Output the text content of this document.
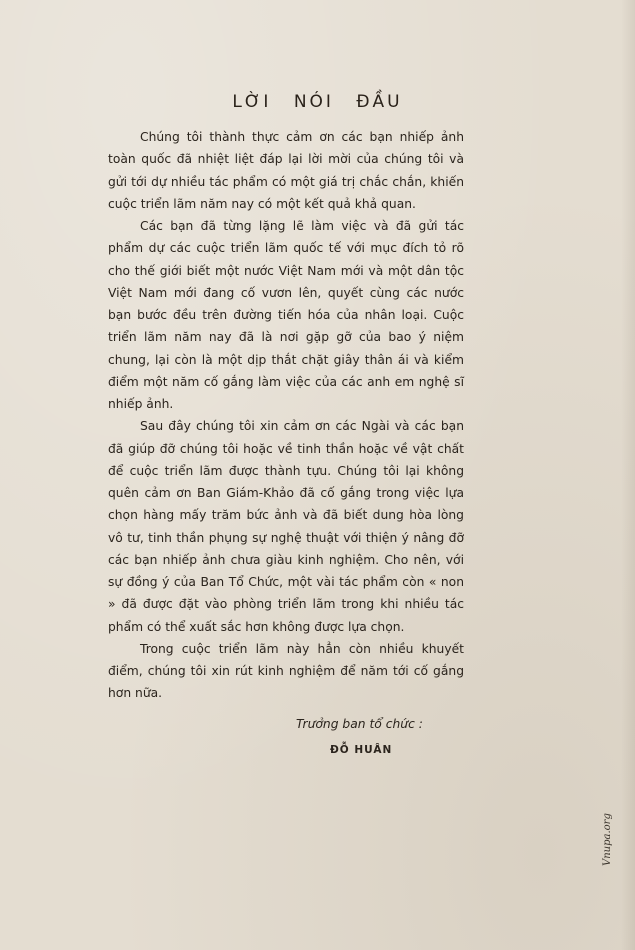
LỜI NÓI ĐẦU

Chúng tôi thành thực cảm ơn các bạn nhiếp ảnh toàn quốc đã nhiệt liệt đáp lại lời mời của chúng tôi và gửi tới dự nhiều tác phẩm có một giá trị chắc chắn, khiến cuộc triển lãm năm nay có một kết quả khả quan.

Các bạn đã từng lặng lẽ làm việc và đã gửi tác phẩm dự các cuộc triển lãm quốc tế với mục đích tỏ rõ cho thế giới biết một nước Việt Nam mới và một dân tộc Việt Nam mới đang cố vươn lên, quyết cùng các nước bạn bước đều trên đường tiến hóa của nhân loại. Cuộc triển lãm năm nay đã là nơi gặp gỡ của bao ý niệm chung, lại còn là một dịp thắt chặt giây thân ái và kiểm điểm một năm cố gắng làm việc của các anh em nghệ sĩ nhiếp ảnh.

Sau đây chúng tôi xin cảm ơn các Ngài và các bạn đã giúp đỡ chúng tôi hoặc về tinh thần hoặc về vật chất để cuộc triển lãm được thành tựu. Chúng tôi lại không quên cảm ơn Ban Giám-Khảo đã cố gắng trong việc lựa chọn hàng mấy trăm bức ảnh và đã biết dung hòa lòng vô tư, tinh thần phụng sự nghệ thuật với thiện ý nâng đỡ các bạn nhiếp ảnh chưa giàu kinh nghiệm. Cho nên, với sự đồng ý của Ban Tổ Chức, một vài tác phẩm còn « non » đã được đặt vào phòng triển lãm trong khi nhiều tác phẩm có thể xuất sắc hơn không được lựa chọn.

Trong cuộc triển lãm này hẳn còn nhiều khuyết điểm, chúng tôi xin rút kinh nghiệm để năm tới cố gắng hơn nữa.

Trưởng ban tổ chức :
ĐỖ HUÂN
Vnupa.org
